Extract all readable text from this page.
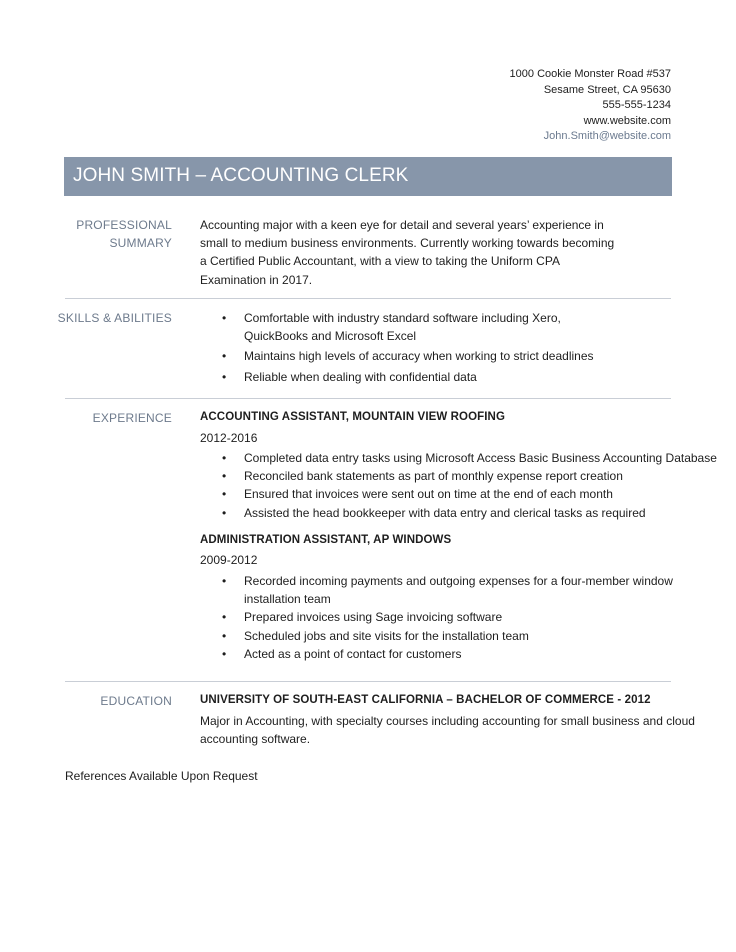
1000 Cookie Monster Road #537
Sesame Street, CA 95630
555-555-1234
www.website.com
John.Smith@website.com
JOHN SMITH – ACCOUNTING CLERK
PROFESSIONAL
SUMMARY
Accounting major with a keen eye for detail and several years’ experience in
small to medium business environments. Currently working towards becoming
a Certified Public Accountant, with a view to taking the Uniform CPA
Examination in 2017.
SKILLS & ABILITIES	• Comfortable with industry standard software including Xero,
QuickBooks and Microsoft Excel
• Maintains high levels of accuracy when working to strict deadlines
• Reliable when dealing with confidential data
EXPERIENCE ACCOUNTING ASSISTANT, MOUNTAIN VIEW ROOFING
2012-2016
• Completed data entry tasks using Microsoft Access Basic Business Accounting Database
• Reconciled bank statements as part of monthly expense report creation
• Ensured that invoices were sent out on time at the end of each month
• Assisted the head bookkeeper with data entry and clerical tasks as required
ADMINISTRATION ASSISTANT, AP WINDOWS
2009-2012
• Recorded incoming payments and outgoing expenses for a four-member window
installation team
• Prepared invoices using Sage invoicing software
• Scheduled jobs and site visits for the installation team
• Acted as a point of contact for customers
EDUCATION UNIVERSITY OF SOUTH-EAST CALIFORNIA – BACHELOR OF COMMERCE - 2012
Major in Accounting, with specialty courses including accounting for small business and cloud
accounting software.
References Available Upon Request
